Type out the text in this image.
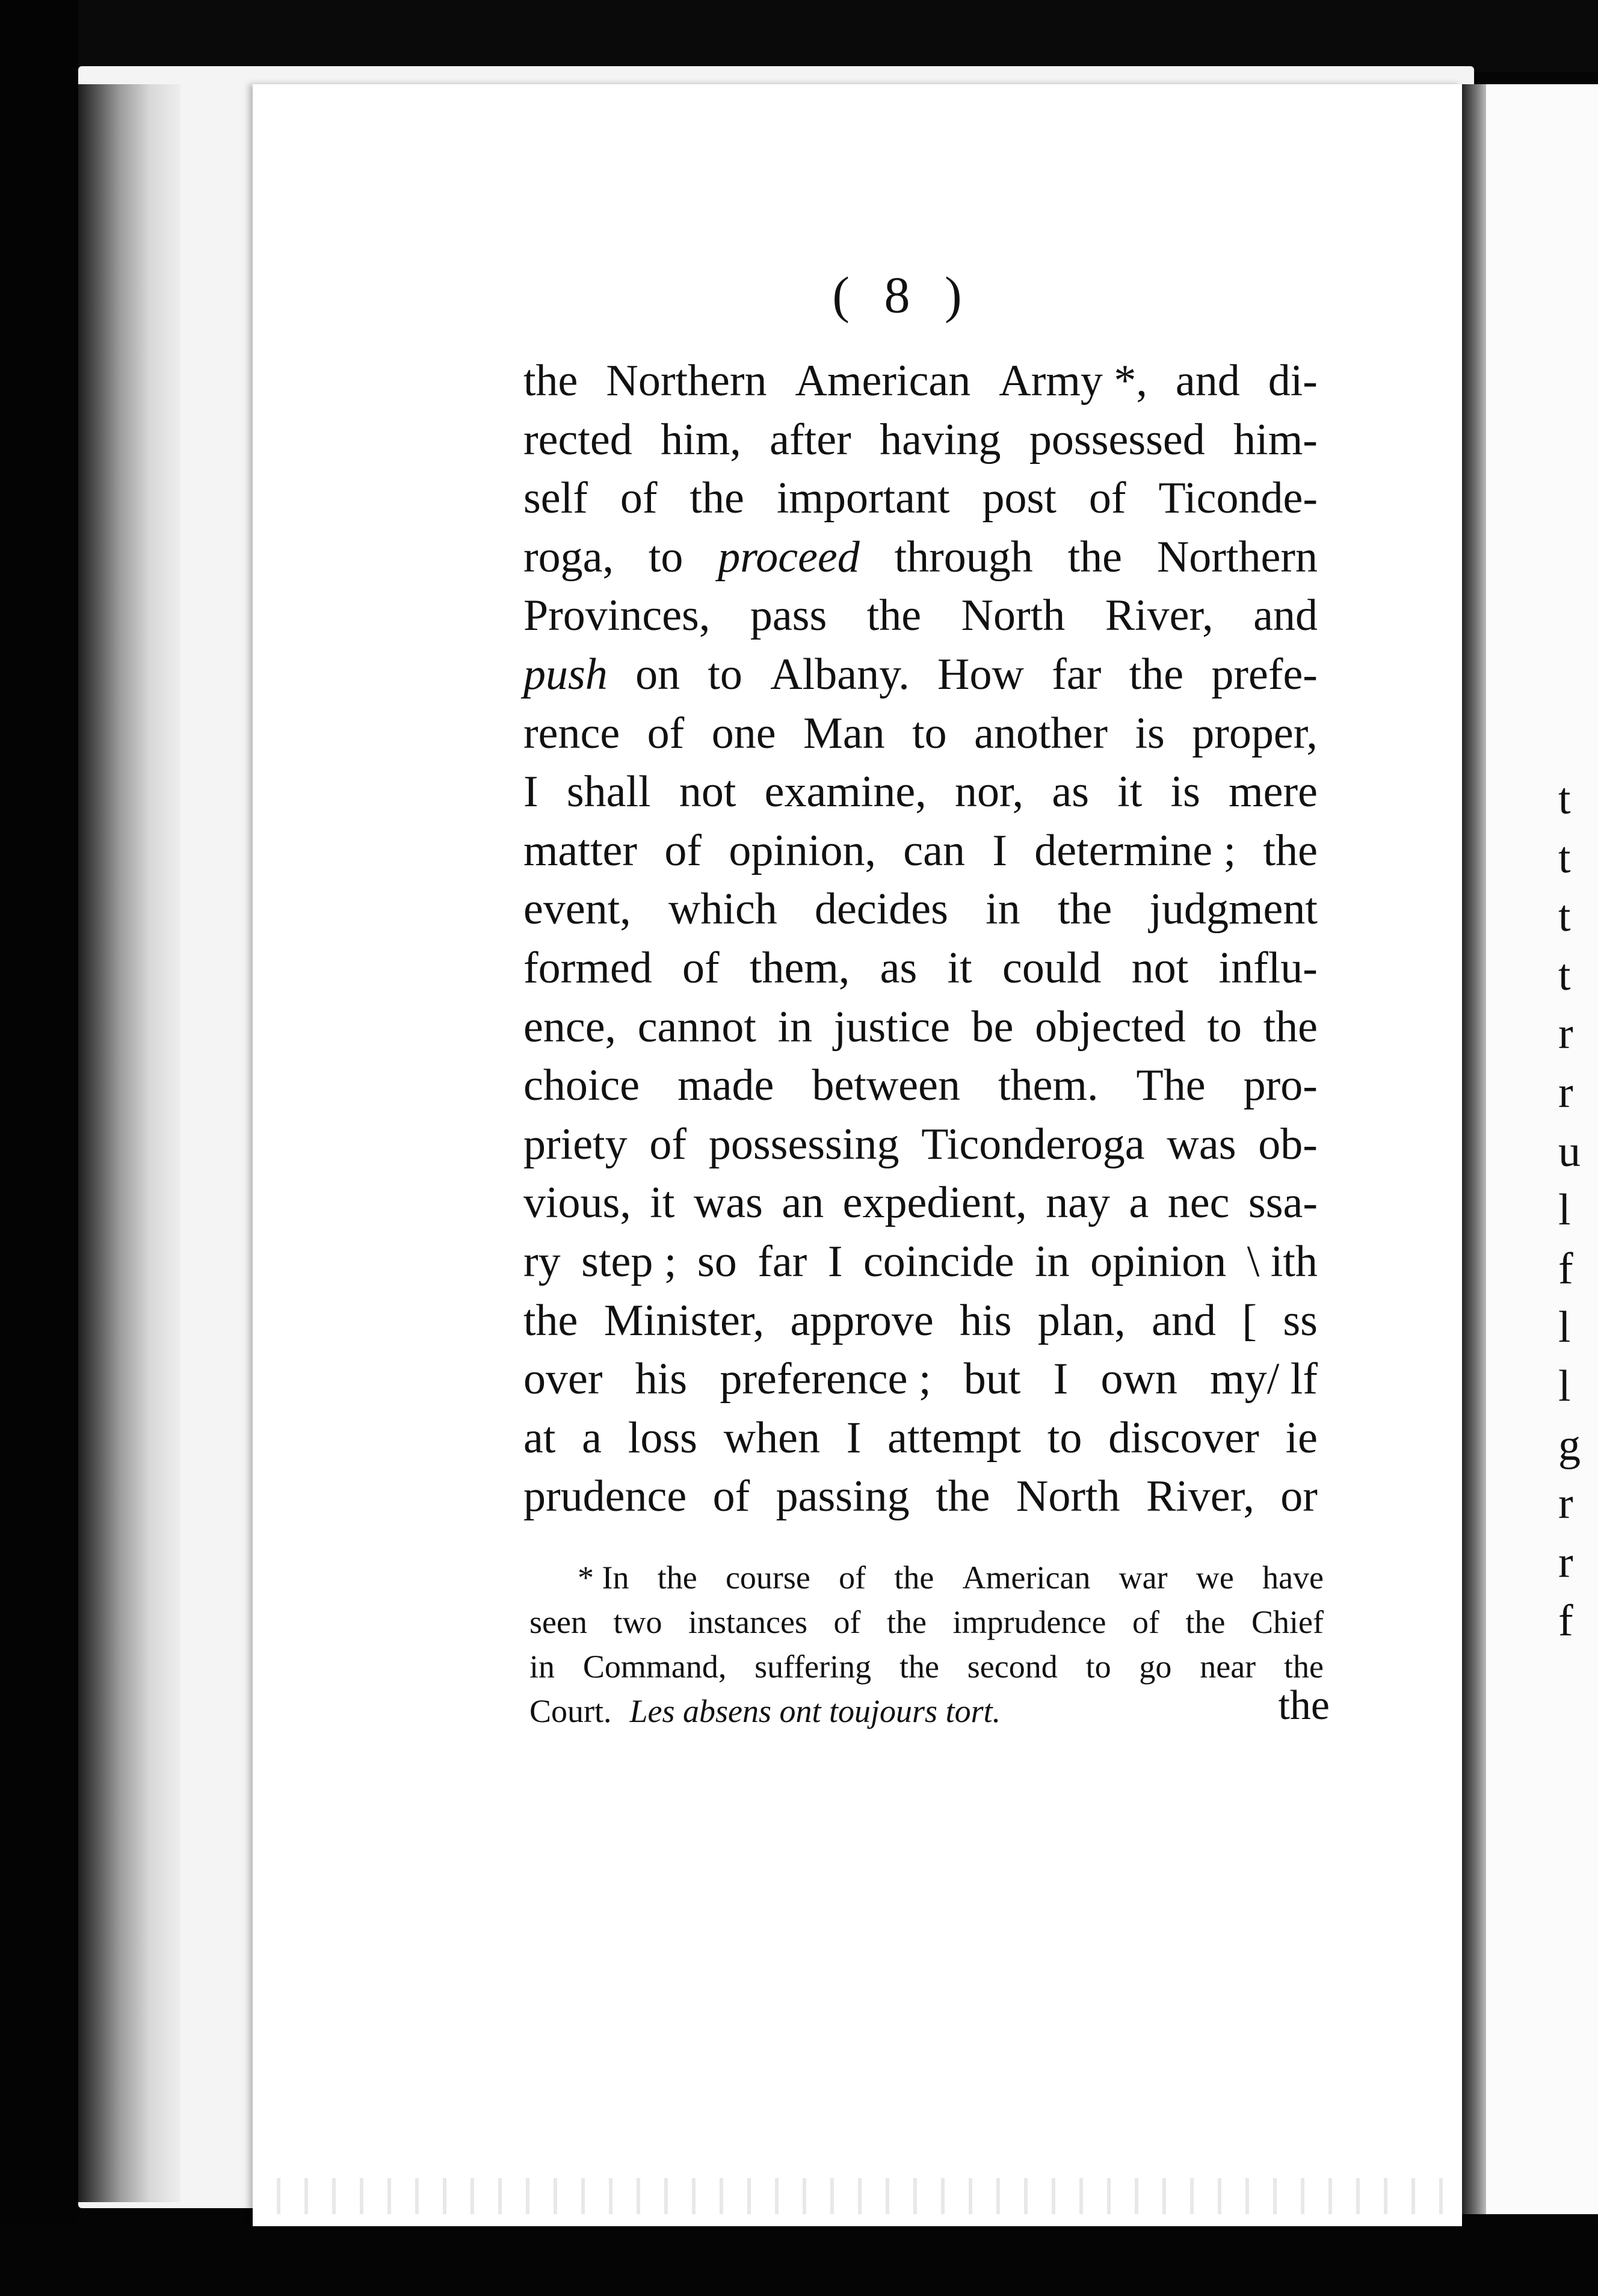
( 8 )
the Northern American Army *, and di-
rected him, after having possessed him-
self of the important post of Ticonde-
roga, to proceed through the Northern
Provinces, pass the North River, and
push on to Albany. How far the prefe-
rence of one Man to another is proper,
I shall not examine, nor, as it is mere
matter of opinion, can I determine ; the
event, which decides in the judgment
formed of them, as it could not influ-
ence, cannot in justice be objected to the
choice made between them. The pro-
priety of possessing Ticonderoga was ob-
vious, it was an expedient, nay a nec ssa-
ry step ; so far I coincide in opinion \ ith
the Minister, approve his plan, and [ ss
over his preference ; but I own my/ lf
at a loss when I attempt to discover ie
prudence of passing the North River, or
* In the course of the American war we have
seen two instances of the imprudence of the Chief
in Command, suffering the second to go near the
Court. Les absens ont toujours tort.	the
t
t
t
t
r
r
u
l
f
l
l
g
r
r
f
